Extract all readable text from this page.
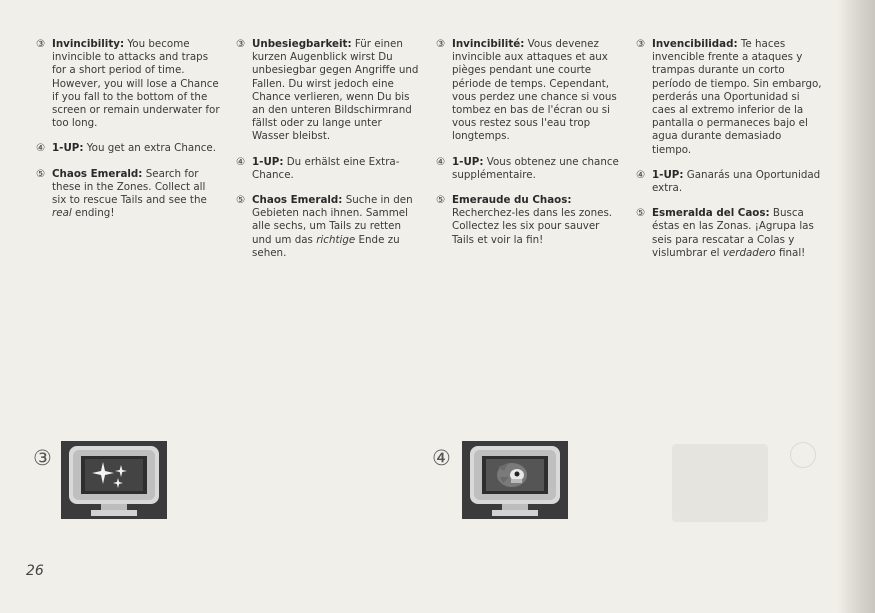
③ Invincibility: You become invincible to attacks and traps for a short period of time. However, you will lose a Chance if you fall to the bottom of the screen or remain underwater for too long.
④ 1-UP: You get an extra Chance.
⑤ Chaos Emerald: Search for these in the Zones. Collect all six to rescue Tails and see the real ending!
③ Unbesiegbarkeit: Für einen kurzen Augenblick wirst Du unbesiegbar gegen Angriffe und Fallen. Du wirst jedoch eine Chance verlieren, wenn Du bis an den unteren Bildschirmrand fällst oder zu lange unter Wasser bleibst.
④ 1-UP: Du erhälst eine Extra-Chance.
⑤ Chaos Emerald: Suche in den Gebieten nach ihnen. Sammel alle sechs, um Tails zu retten und um das richtige Ende zu sehen.
③ Invincibilité: Vous devenez invincible aux attaques et aux pièges pendant une courte période de temps. Cependant, vous perdez une chance si vous tombez en bas de l'écran ou si vous restez sous l'eau trop longtemps.
④ 1-UP: Vous obtenez une chance supplémentaire.
⑤ Emeraude du Chaos: Recherchez-les dans les zones. Collectez les six pour sauver Tails et voir la fin!
③ Invencibilidad: Te haces invencible frente a ataques y trampas durante un corto período de tiempo. Sin embargo, perderás una Oportunidad si caes al extremo inferior de la pantalla o permaneces bajo el agua durante demasiado tiempo.
④ 1-UP: Ganarás una Oportunidad extra.
⑤ Esmeralda del Caos: Busca éstas en las Zonas. ¡Agrupa las seis para rescatar a Colas y vislumbrar el verdadero final!
③	④
26
